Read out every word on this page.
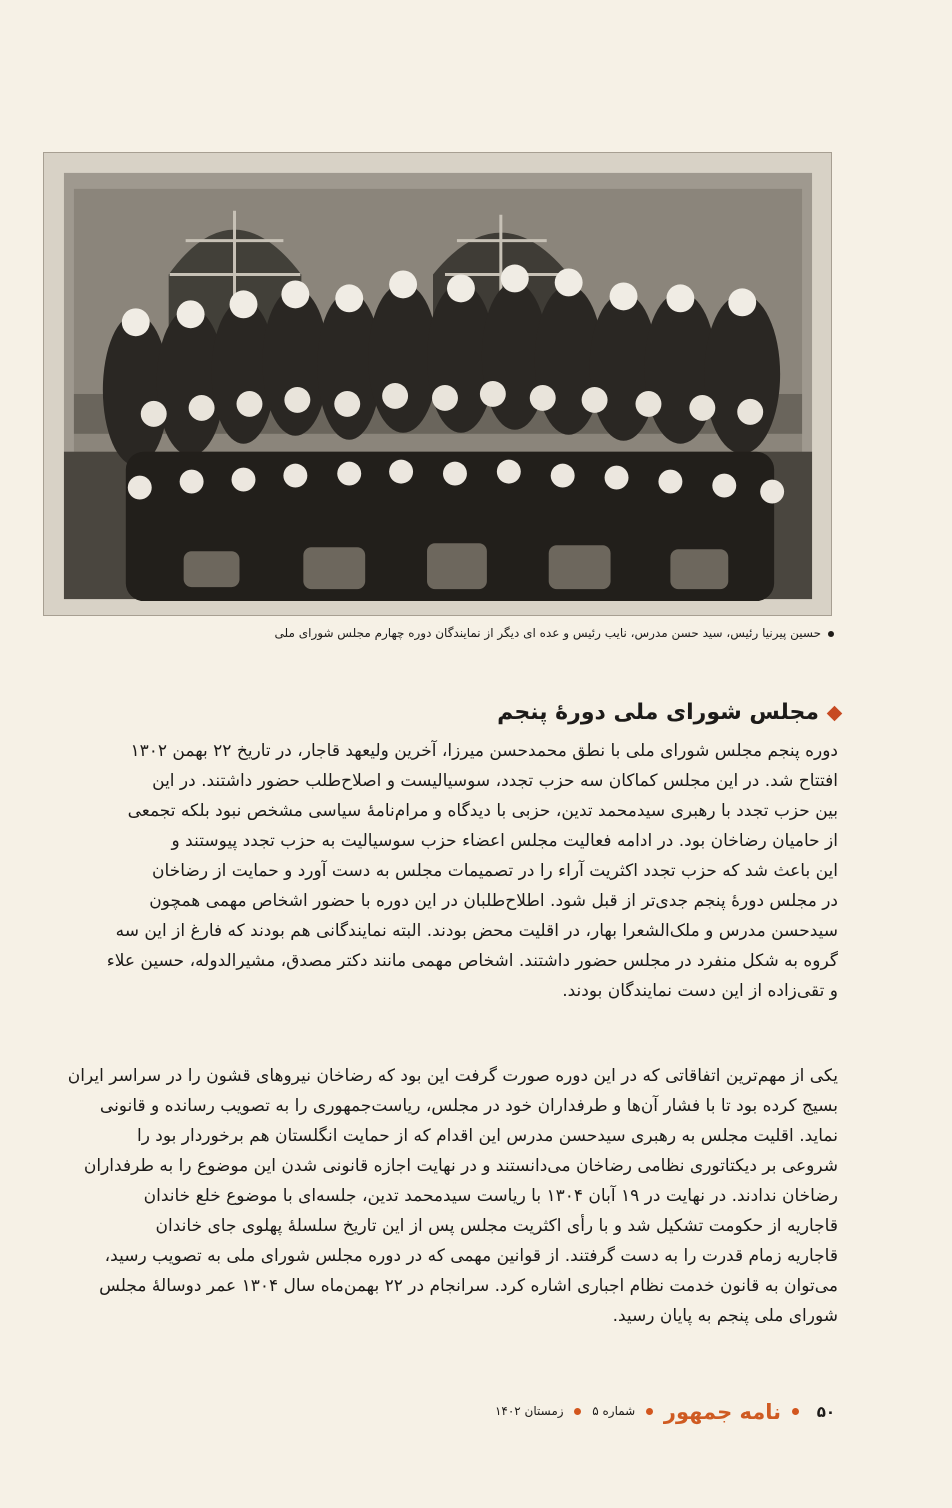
حسین پیرنیا رئیس، سید حسن مدرس، نایب رئیس و عده ای دیگر از نمایندگان دوره چهارم مجلس شورای ملی
مجلس شورای ملی دورۀ پنجم
دوره پنجم مجلس شورای ملی با نطق محمدحسن میرزا، آخرین ولیعهد قاجار، در تاریخ ۲۲ بهمن ۱۳۰۲
افتتاح شد. در این مجلس کماکان سه حزب تجدد، سوسیالیست و اصلاح‌طلب حضور داشتند. در این
بین حزب تجدد با رهبری سیدمحمد تدین، حزبی با دیدگاه و مرام‌نامۀ سیاسی مشخص نبود بلکه تجمعی
از حامیان رضاخان بود. در ادامه فعالیت مجلس اعضاء حزب سوسیالیت به حزب تجدد پیوستند و
این باعث شد که حزب تجدد اکثریت آراء را در تصمیمات مجلس به دست آورد و حمایت از رضاخان
در مجلس دورۀ پنجم جدی‌تر از قبل شود. اطلاح‌طلبان در این دوره با حضور اشخاص مهمی همچون
سیدحسن مدرس و ملک‌الشعرا بهار، در اقلیت محض بودند. البته نمایندگانی هم بودند که فارغ از این سه
گروه به شکل منفرد در مجلس حضور داشتند. اشخاص مهمی مانند دکتر مصدق، مشیرالدوله، حسین علاء
و تقی‌زاده از این دست نمایندگان بودند.
یکی از مهم‌ترین اتفاقاتی که در این دوره صورت گرفت این بود که رضاخان نیروهای قشون را در سراسر ایران
بسیج کرده بود تا با فشار آن‌ها و طرفداران خود در مجلس، ریاست‌جمهوری را به تصویب رسانده و قانونی
نماید. اقلیت مجلس به رهبری سیدحسن مدرس این اقدام که از حمایت انگلستان هم برخوردار بود را
شروعی بر دیکتاتوری نظامی رضاخان می‌دانستند و در نهایت اجازه قانونی شدن این موضوع را به طرفداران
رضاخان ندادند. در نهایت در ۱۹ آبان ۱۳۰۴ با ریاست سیدمحمد تدین، جلسه‌ای با موضوع خلع خاندان
قاجاریه از حکومت تشکیل شد و با رأی اکثریت مجلس پس از این تاریخ سلسلۀ پهلوی جای خاندان
قاجاریه زمام قدرت را به دست گرفتند. از قوانین مهمی که در دوره مجلس شورای ملی به تصویب رسید،
می‌توان به قانون خدمت نظام اجباری اشاره کرد. سرانجام در ۲۲ بهمن‌ماه سال ۱۳۰۴ عمر دوسالۀ مجلس
شورای ملی پنجم به پایان رسید.
۵۰  نامه جمهور  شماره ۵  زمستان ۱۴۰۲
